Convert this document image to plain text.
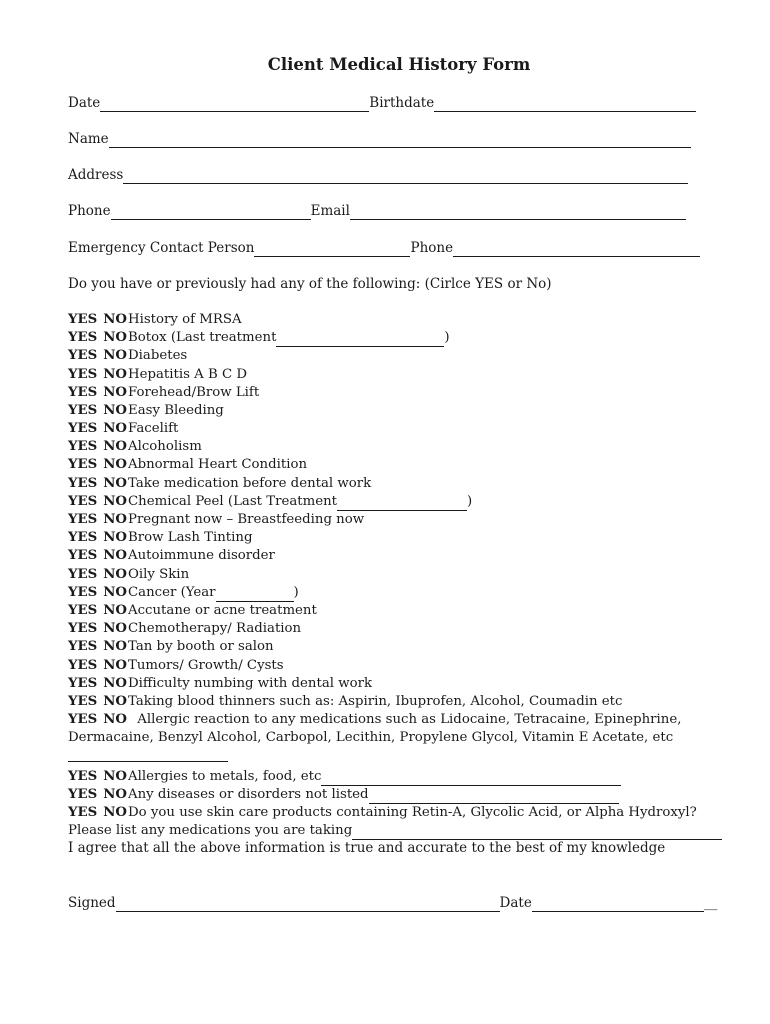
Client Medical History Form
Date	Birthdate
Name
Address
Phone	Email
Emergency Contact Person	Phone
Do you have or previously had any of the following: (Cirlce YES or No)
YES NO History of MRSA
YES NO Botox (Last treatment	)
YES NO Diabetes
YES NO Hepatitis A B C D
YES NO Forehead/Brow Lift
YES NO Easy Bleeding
YES NO Facelift
YES NO Alcoholism
YES NO Abnormal Heart Condition
YES NO Take medication before dental work
YES NO Chemical Peel (Last Treatment	)
YES NO Pregnant now – Breastfeeding now
YES NO Brow Lash Tinting
YES NO Autoimmune disorder
YES NO Oily Skin
YES NO Cancer (Year	)
YES NO Accutane or acne treatment
YES NO Chemotherapy/ Radiation
YES NO Tan by booth or salon
YES NO Tumors/ Growth/ Cysts
YES NO Difficulty numbing with dental work
YES NO Taking blood thinners such as: Aspirin, Ibuprofen, Alcohol, Coumadin etc
YES NO Allergic reaction to any medications such as Lidocaine, Tetracaine, Epinephrine, Dermacaine, Benzyl Alcohol, Carbopol, Lecithin, Propylene Glycol, Vitamin E Acetate, etc
YES NO Allergies to metals, food, etc
YES NO Any diseases or disorders not listed
YES NO Do you use skin care products containing Retin-A, Glycolic Acid, or Alpha Hydroxyl?
Please list any medications you are taking
I agree that all the above information is true and accurate to the best of my knowledge
Signed	Date	__
